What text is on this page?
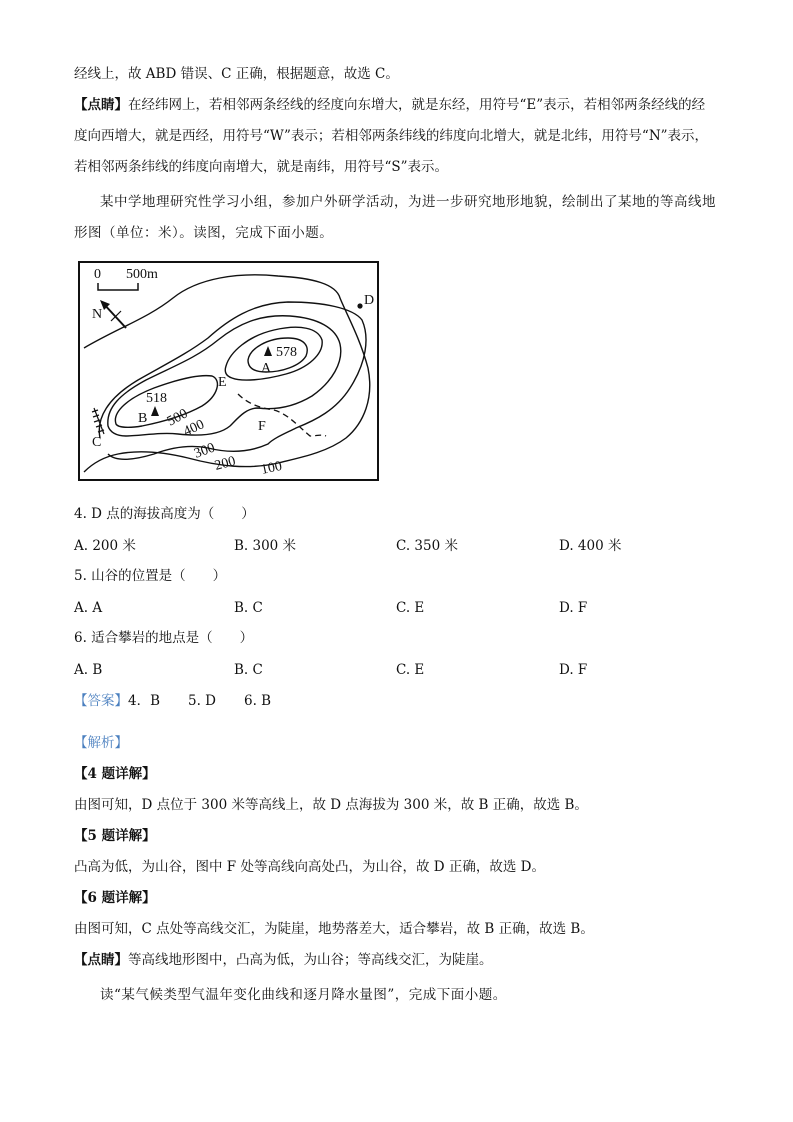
经线上，故 ABD 错误、C 正确，根据题意，故选 C。
【点睛】在经纬网上，若相邻两条经线的经度向东增大，就是东经，用符号“E”表示，若相邻两条经线的经
度向西增大，就是西经，用符号“W”表示；若相邻两条纬线的纬度向北增大，就是北纬，用符号“N”表示，
若相邻两条纬线的纬度向南增大，就是南纬，用符号“S”表示。
某中学地理研究性学习小组，参加户外研学活动，为进一步研究地形地貌，绘制出了某地的等高线地
形图（单位：米）。读图，完成下面小题。
0 500m
N
578
A
518
B
C
D
E
F
500
400
300
200 100
4. D 点的海拔高度为（　　）
A. 200 米	B. 300 米	C. 350 米	D. 400 米
5. 山谷的位置是（　　）
A. A	B. C	C. E	D. F
6. 适合攀岩的地点是（　　）
A. B	B. C	C. E	D. F
【答案】4．B 5. D 6. B
【解析】
【4 题详解】
由图可知，D 点位于 300 米等高线上，故 D 点海拔为 300 米，故 B 正确，故选 B。
【5 题详解】
凸高为低，为山谷，图中 F 处等高线向高处凸，为山谷，故 D 正确，故选 D。
【6 题详解】
由图可知，C 点处等高线交汇，为陡崖，地势落差大，适合攀岩，故 B 正确，故选 B。
【点睛】等高线地形图中，凸高为低，为山谷；等高线交汇，为陡崖。
读“某气候类型气温年变化曲线和逐月降水量图”，完成下面小题。
